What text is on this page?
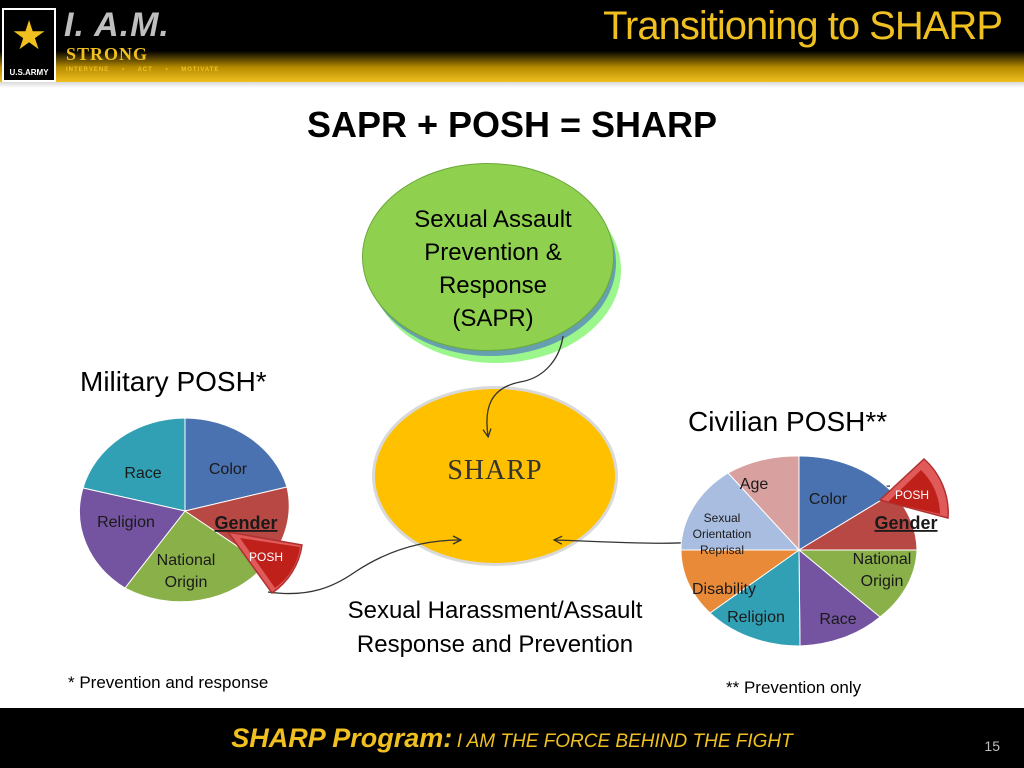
★
U.S.ARMY
I. A.M.
STRONG
INTERVENE • ACT • MOTIVATE
Transitioning to SHARP
SAPR + POSH = SHARP
Sexual Assault
Prevention &
Response
(SAPR)
SHARP
Military POSH*
Civilian POSH**
Sexual Harassment/Assault
Response and Prevention
* Prevention and response	** Prevention only
Race	Color
Gender
National
Origin
Religion
POSH
Age
Color
Gender
National
Origin
Race
Religion
Disability
Sexual
Orientation
Reprisal
POSH
SHARP Program: I AM THE FORCE BEHIND THE FIGHT	15
